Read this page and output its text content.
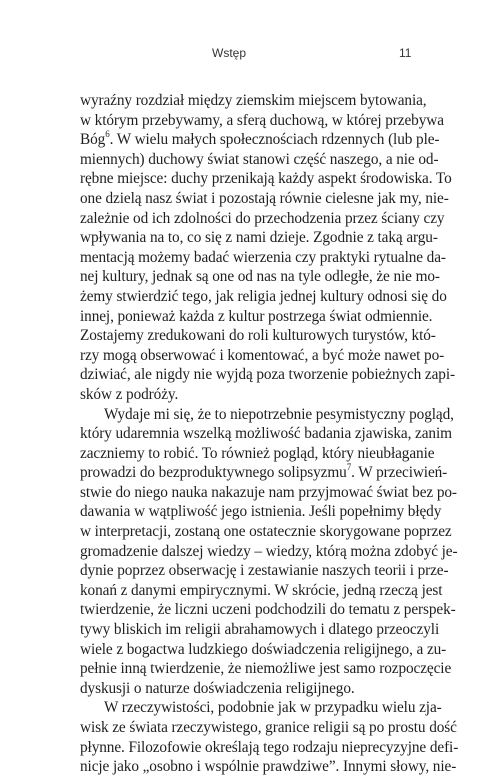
Wstęp	11
wyraźny rozdział między ziemskim miejscem bytowania,
w którym przebywamy, a sferą duchową, w której przebywa
Bóg$^6$. W wielu małych społecznościach rdzennych (lub ple-
miennych) duchowy świat stanowi część naszego, a nie od-
rębne miejsce: duchy przenikają każdy aspekt środowiska. To
one dzielą nasz świat i pozostają równie cielesne jak my, nie-
zależnie od ich zdolności do przechodzenia przez ściany czy
wpływania na to, co się z nami dzieje. Zgodnie z taką argu-
mentacją możemy badać wierzenia czy praktyki rytualne da-
nej kultury, jednak są one od nas na tyle odległe, że nie mo-
żemy stwierdzić tego, jak religia jednej kultury odnosi się do
innej, ponieważ każda z kultur postrzega świat odmiennie.
Zostajemy zredukowani do roli kulturowych turystów, któ-
rzy mogą obserwować i komentować, a być może nawet po-
dziwiać, ale nigdy nie wyjdą poza tworzenie pobieżnych zapi-
sków z podróży.
Wydaje mi się, że to niepotrzebnie pesymistyczny pogląd,
który udaremnia wszelką możliwość badania zjawiska, zanim
zaczniemy to robić. To również pogląd, który nieubłaganie
prowadzi do bezproduktywnego solipsyzmu$^7$. W przeciwień-
stwie do niego nauka nakazuje nam przyjmować świat bez po-
dawania w wątpliwość jego istnienia. Jeśli popełnimy błędy
w interpretacji, zostaną one ostatecznie skorygowane poprzez
gromadzenie dalszej wiedzy – wiedzy, którą można zdobyć je-
dynie poprzez obserwację i zestawianie naszych teorii i prze-
konań z danymi empirycznymi. W skrócie, jedną rzeczą jest
twierdzenie, że liczni uczeni podchodzili do tematu z perspek-
tywy bliskich im religii abrahamowych i dlatego przeoczyli
wiele z bogactwa ludzkiego doświadczenia religijnego, a zu-
pełnie inną twierdzenie, że niemożliwe jest samo rozpoczęcie
dyskusji o naturze doświadczenia religijnego.
W rzeczywistości, podobnie jak w przypadku wielu zja-
wisk ze świata rzeczywistego, granice religii są po prostu dość
płynne. Filozofowie określają tego rodzaju nieprecyzyjne defi-
nicje jako „osobno i wspólnie prawdziwe”. Innymi słowy, nie-
